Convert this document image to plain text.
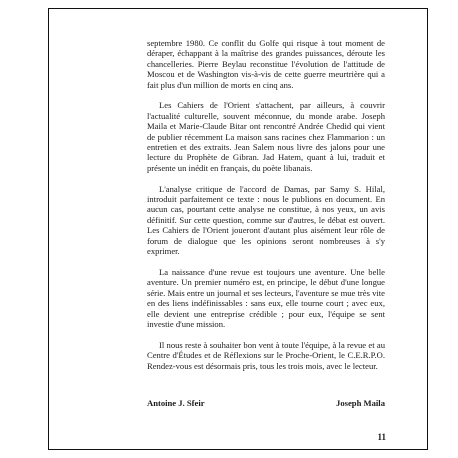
septembre 1980. Ce conflit du Golfe qui risque à tout moment de déraper, échappant à la maîtrise des grandes puissances, déroute les chancelleries. Pierre Beylau reconstitue l'évolution de l'attitude de Moscou et de Washington vis-à-vis de cette guerre meurtrière qui a fait plus d'un million de morts en cinq ans.

Les Cahiers de l'Orient s'attachent, par ailleurs, à couvrir l'actualité culturelle, souvent méconnue, du monde arabe. Joseph Maila et Marie-Claude Bitar ont rencontré Andrée Chedid qui vient de publier récemment La maison sans racines chez Flammarion : un entretien et des extraits. Jean Salem nous livre des jalons pour une lecture du Prophète de Gibran. Jad Hatem, quant à lui, traduit et présente un inédit en français, du poète libanais.

L'analyse critique de l'accord de Damas, par Samy S. Hilal, introduit parfaitement ce texte : nous le publions en document. En aucun cas, pourtant cette analyse ne constitue, à nos yeux, un avis définitif. Sur cette question, comme sur d'autres, le débat est ouvert. Les Cahiers de l'Orient joueront d'autant plus aisément leur rôle de forum de dialogue que les opinions seront nombreuses à s'y exprimer.

La naissance d'une revue est toujours une aventure. Une belle aventure. Un premier numéro est, en principe, le début d'une longue série. Mais entre un journal et ses lecteurs, l'aventure se mue très vite en des liens indéfinissables : sans eux, elle tourne court ; avec eux, elle devient une entreprise crédible ; pour eux, l'équipe se sent investie d'une mission.

Il nous reste à souhaiter bon vent à toute l'équipe, à la revue et au Centre d'Études et de Réflexions sur le Proche-Orient, le C.E.R.P.O. Rendez-vous est désormais pris, tous les trois mois, avec le lecteur.

Antoine J. Sfeir	Joseph Maila
11
